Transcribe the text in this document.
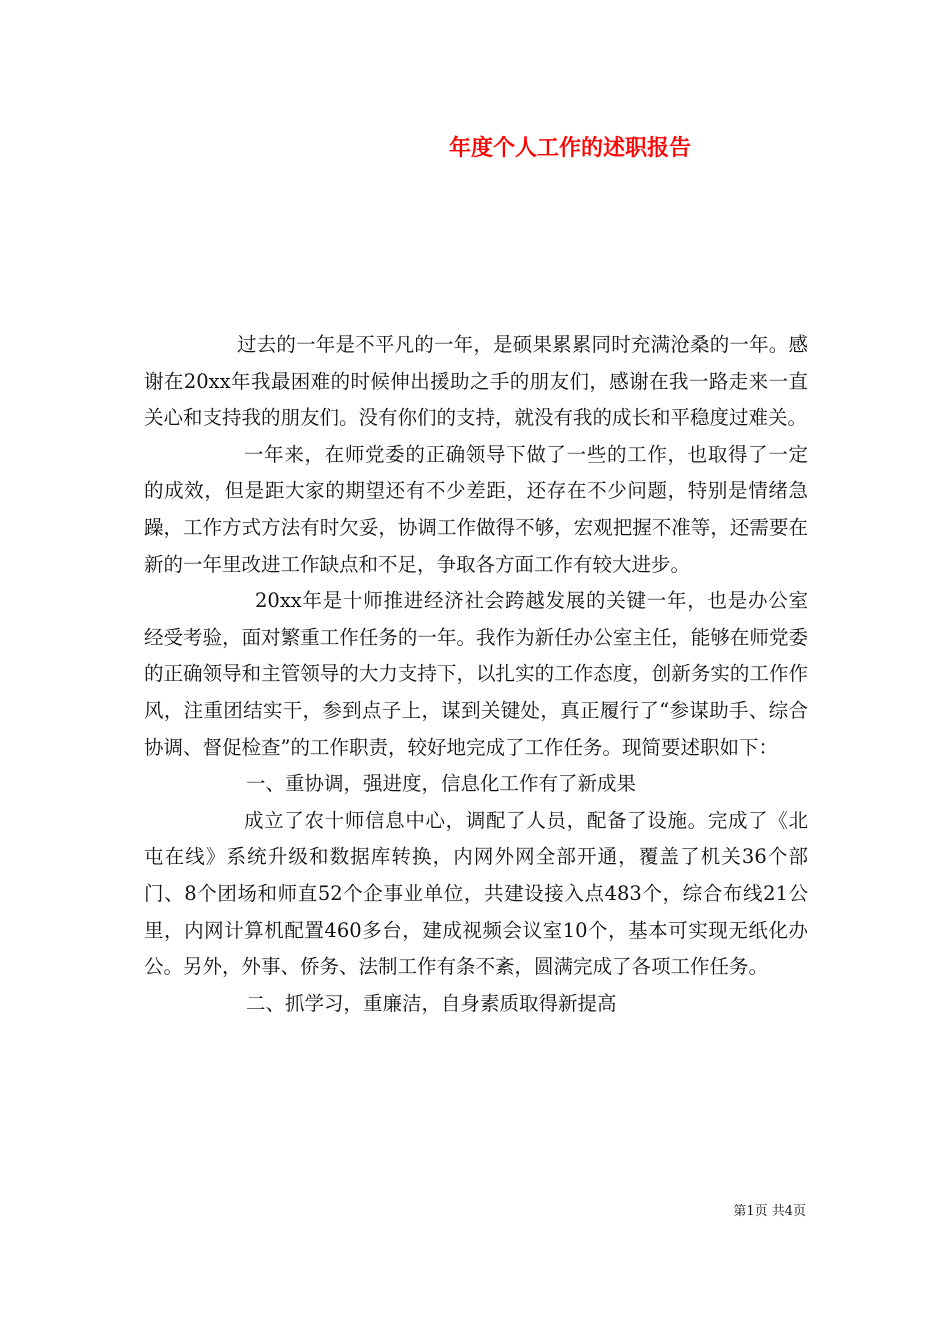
年度个人工作的述职报告

过去的一年是不平凡的一年，是硕果累累同时充满沧桑的一年。感谢在20xx年我最困难的时候伸出援助之手的朋友们，感谢在我一路走来一直关心和支持我的朋友们。没有你们的支持，就没有我的成长和平稳度过难关。

一年来，在师党委的正确领导下做了一些的工作，也取得了一定的成效，但是距大家的期望还有不少差距，还存在不少问题，特别是情绪急躁，工作方式方法有时欠妥，协调工作做得不够，宏观把握不准等，还需要在新的一年里改进工作缺点和不足，争取各方面工作有较大进步。

20xx年是十师推进经济社会跨越发展的关键一年，也是办公室经受考验，面对繁重工作任务的一年。我作为新任办公室主任，能够在师党委的正确领导和主管领导的大力支持下，以扎实的工作态度，创新务实的工作作风，注重团结实干，参到点子上，谋到关键处，真正履行了“参谋助手、综合协调、督促检查”的工作职责，较好地完成了工作任务。现简要述职如下：

一、重协调，强进度，信息化工作有了新成果

成立了农十师信息中心，调配了人员，配备了设施。完成了《北屯在线》系统升级和数据库转换，内网外网全部开通，覆盖了机关36个部门、8个团场和师直52个企事业单位，共建设接入点483个，综合布线21公里，内网计算机配置460多台，建成视频会议室10个，基本可实现无纸化办公。另外，外事、侨务、法制工作有条不紊，圆满完成了各项工作任务。

二、抓学习，重廉洁，自身素质取得新提高

第1页 共4页
